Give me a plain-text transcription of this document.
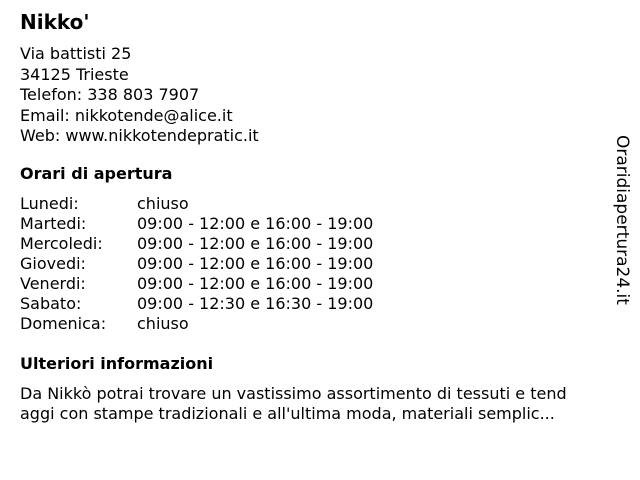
Nikko'
Via battisti 25
34125 Trieste
Telefon: 338 803 7907
Email: nikkotende@alice.it
Web: www.nikkotendepratic.it
Orari di apertura
Lunedi:	chiuso
Martedi:	09:00 - 12:00 e 16:00 - 19:00
Mercoledi: 09:00 - 12:00 e 16:00 - 19:00
Giovedi:	09:00 - 12:00 e 16:00 - 19:00
Venerdi:	09:00 - 12:00 e 16:00 - 19:00
Sabato:	09:00 - 12:30 e 16:30 - 19:00
Domenica: chiuso
Ulteriori informazioni
Da Nikkò potrai trovare un vastissimo assortimento di tessuti e tend
aggi con stampe tradizionali e all'ultima moda, materiali semplic...
Oraridiapertura24.it
